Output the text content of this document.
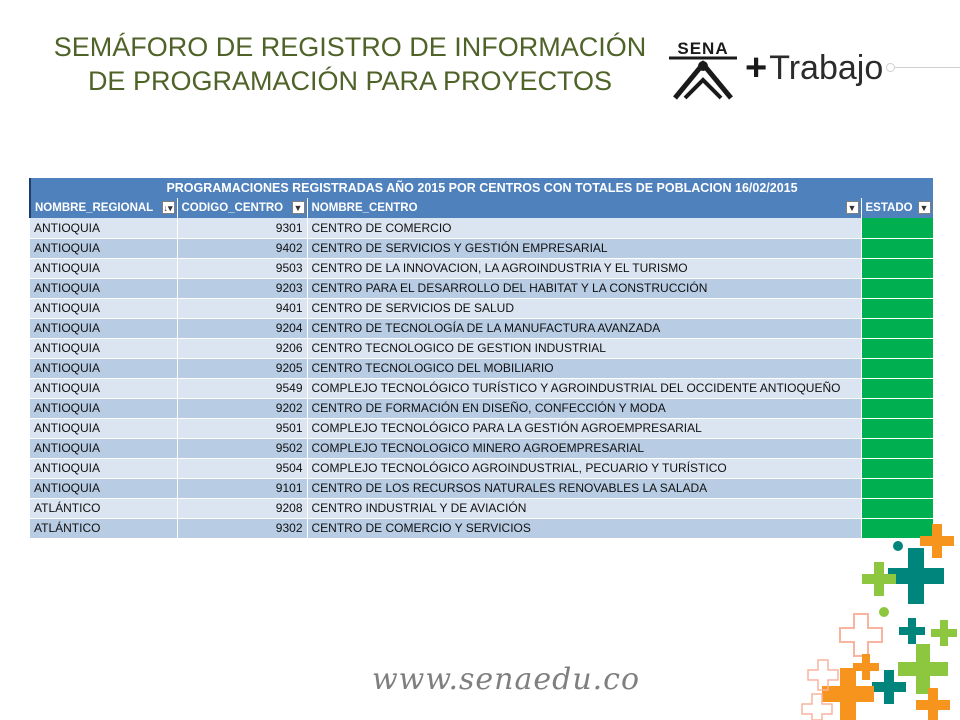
SEMÁFORO DE REGISTRO DE INFORMACIÓN
DE PROGRAMACIÓN PARA PROYECTOS
SENA + Trabajo
PROGRAMACIONES REGISTRADAS AÑO 2015 POR CENTROS CON TOTALES DE POBLACION 16/02/2015			
NOMBRE_REGIONAL ↓▾	CODIGO_CENTRO ▼	NOMBRE_CENTRO ▼	ESTADO ▼

ANTIOQUIA	9301	CENTRO DE COMERCIO	
ANTIOQUIA	9402	CENTRO DE SERVICIOS Y GESTIÓN EMPRESARIAL	
ANTIOQUIA	9503	CENTRO DE LA INNOVACION, LA AGROINDUSTRIA Y EL TURISMO	
ANTIOQUIA	9203	CENTRO PARA EL DESARROLLO DEL HABITAT Y LA CONSTRUCCIÓN	
ANTIOQUIA	9401	CENTRO DE SERVICIOS DE SALUD	
ANTIOQUIA	9204	CENTRO DE TECNOLOGÍA DE LA MANUFACTURA AVANZADA	
ANTIOQUIA	9206	CENTRO TECNOLOGICO DE GESTION INDUSTRIAL	
ANTIOQUIA	9205	CENTRO TECNOLOGICO DEL MOBILIARIO	
ANTIOQUIA	9549	COMPLEJO TECNOLÓGICO TURÍSTICO Y AGROINDUSTRIAL DEL OCCIDENTE ANTIOQUEÑO	
ANTIOQUIA	9202	CENTRO DE FORMACIÓN EN DISEÑO, CONFECCIÓN Y MODA	
ANTIOQUIA	9501	COMPLEJO TECNOLÓGICO PARA LA GESTIÓN AGROEMPRESARIAL	
ANTIOQUIA	9502	COMPLEJO TECNOLOGICO MINERO AGROEMPRESARIAL	
ANTIOQUIA	9504	COMPLEJO TECNOLÓGICO AGROINDUSTRIAL, PECUARIO Y TURÍSTICO	
ANTIOQUIA	9101	CENTRO DE LOS RECURSOS NATURALES RENOVABLES LA SALADA	
ATLÁNTICO	9208	CENTRO INDUSTRIAL Y DE AVIACIÓN	
ATLÁNTICO	9302	CENTRO DE COMERCIO Y SERVICIOS	
www.senaedu.co
